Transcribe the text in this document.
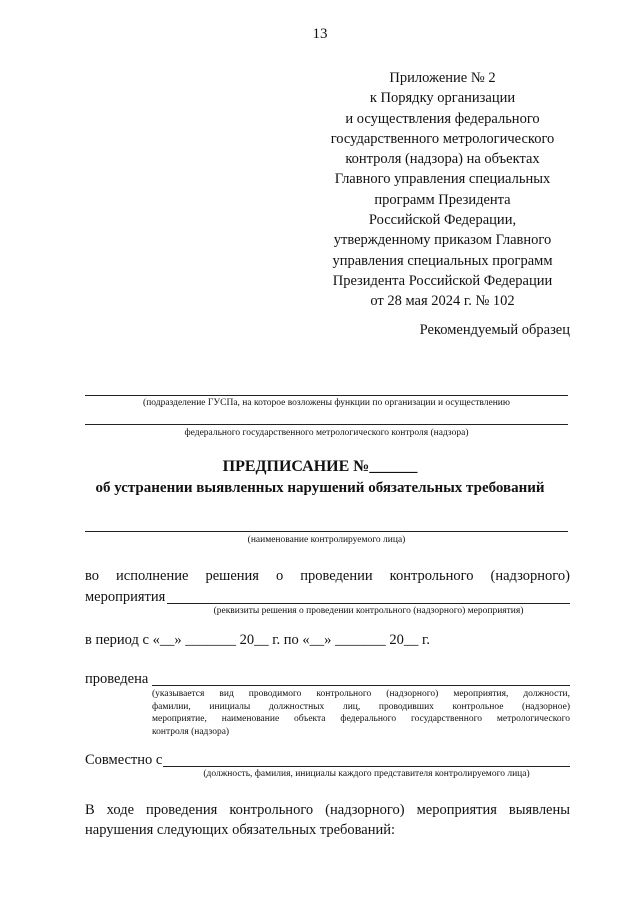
13
Приложение № 2
к Порядку организации
и осуществления федерального
государственного метрологического
контроля (надзора) на объектах
Главного управления специальных
программ Президента
Российской Федерации,
утвержденному приказом Главного
управления специальных программ
Президента Российской Федерации
от 28 мая 2024 г. № 102
Рекомендуемый образец
(подразделение ГУСПа, на которое возложены функции по организации и осуществлению
федерального государственного метрологического контроля (надзора)
ПРЕДПИСАНИЕ №______
об устранении выявленных нарушений обязательных требований
(наименование контролируемого лица)
во исполнение решения о проведении контрольного (надзорного)
мероприятия
(реквизиты решения о проведении контрольного (надзорного) мероприятия)
в период с «__» _______ 20__ г. по «__» _______ 20__ г.
проведена
(указывается вид проводимого контрольного (надзорного) мероприятия, должности,
фамилии, инициалы должностных лиц, проводивших контрольное (надзорное)
мероприятие, наименование объекта федерального государственного метрологического
контроля (надзора)
Совместно с
(должность, фамилия, инициалы каждого представителя контролируемого лица)
В ходе проведения контрольного (надзорного) мероприятия выявлены
нарушения следующих обязательных требований:
